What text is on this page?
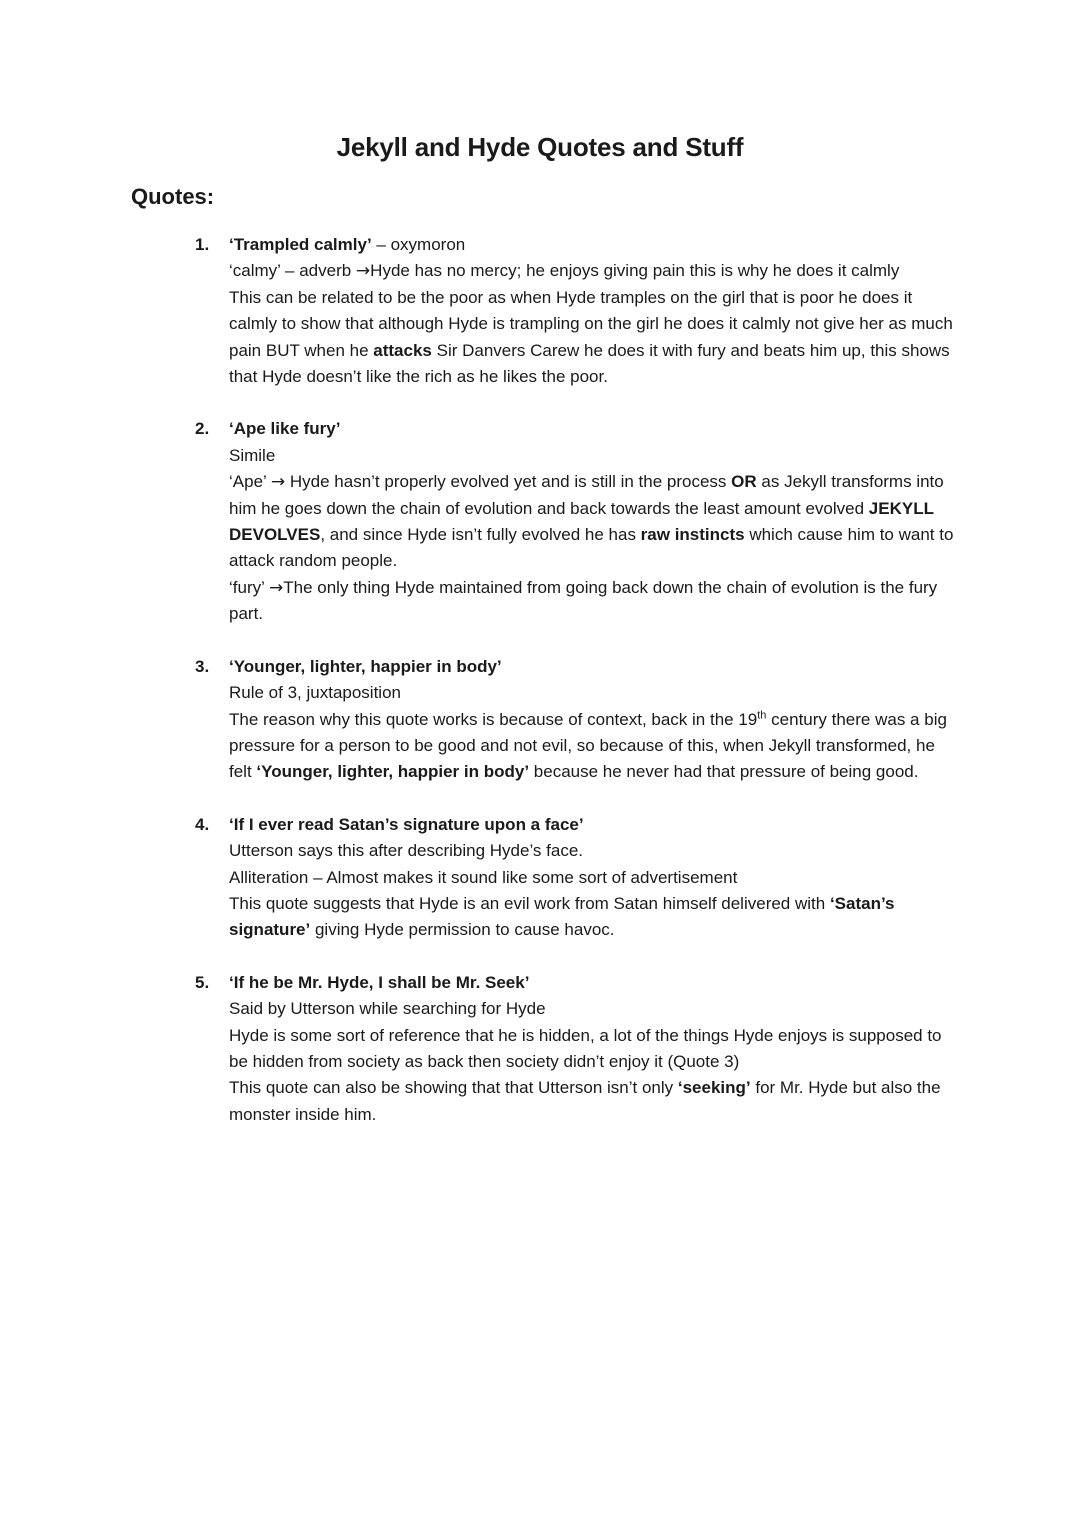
Jekyll and Hyde Quotes and Stuff
Quotes:
1. ‘Trampled calmly’ – oxymoron

‘calmy’ – adverb →Hyde has no mercy; he enjoys giving pain this is why he does it calmly

This can be related to be the poor as when Hyde tramples on the girl that is poor he does it calmly to show that although Hyde is trampling on the girl he does it calmly not give her as much pain BUT when he attacks Sir Danvers Carew he does it with fury and beats him up, this shows that Hyde doesn’t like the rich as he likes the poor.

2. ‘Ape like fury’

Simile

‘Ape’ → Hyde hasn’t properly evolved yet and is still in the process OR as Jekyll transforms into him he goes down the chain of evolution and back towards the least amount evolved JEKYLL DEVOLVES, and since Hyde isn’t fully evolved he has raw instincts which cause him to want to attack random people.

‘fury’ →The only thing Hyde maintained from going back down the chain of evolution is the fury part.

3. ‘Younger, lighter, happier in body’

Rule of 3, juxtaposition

The reason why this quote works is because of context, back in the 19th century there was a big pressure for a person to be good and not evil, so because of this, when Jekyll transformed, he felt ‘Younger, lighter, happier in body’ because he never had that pressure of being good.

4. ‘If I ever read Satan’s signature upon a face’

Utterson says this after describing Hyde’s face.

Alliteration – Almost makes it sound like some sort of advertisement

This quote suggests that Hyde is an evil work from Satan himself delivered with ‘Satan’s signature’ giving Hyde permission to cause havoc.

5. ‘If he be Mr. Hyde, I shall be Mr. Seek’

Said by Utterson while searching for Hyde

Hyde is some sort of reference that he is hidden, a lot of the things Hyde enjoys is supposed to be hidden from society as back then society didn’t enjoy it (Quote 3)

This quote can also be showing that that Utterson isn’t only ‘seeking’ for Mr. Hyde but also the monster inside him.
